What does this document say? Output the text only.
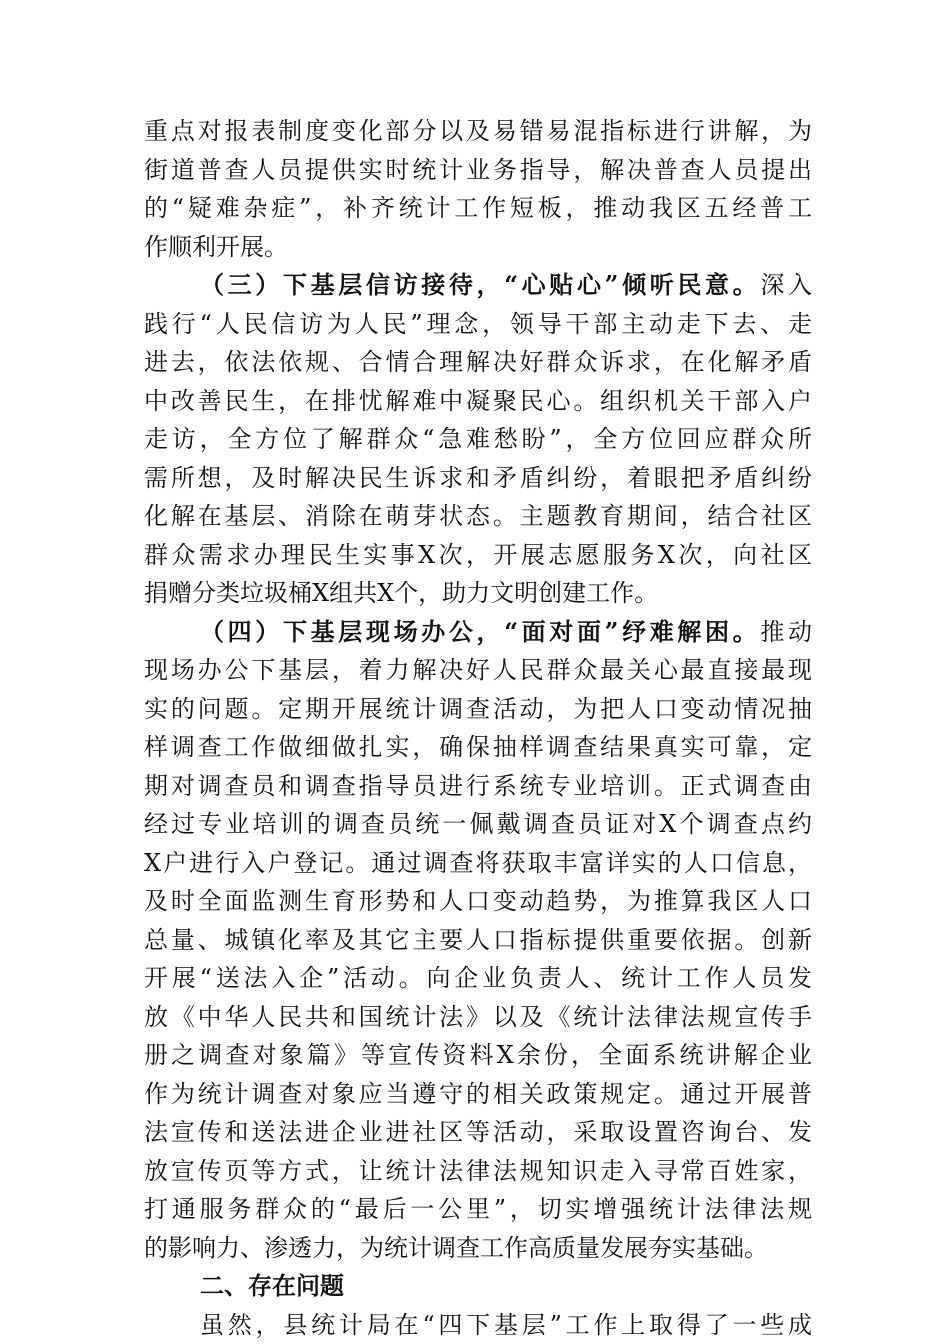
重点对报表制度变化部分以及易错易混指标进行讲解，为
街道普查人员提供实时统计业务指导，解决普查人员提出
的“疑难杂症”，补齐统计工作短板，推动我区五经普工
作顺利开展。
（三）下基层信访接待，“心贴心”倾听民意。深入
践行“人民信访为人民”理念，领导干部主动走下去、走
进去，依法依规、合情合理解决好群众诉求，在化解矛盾
中改善民生，在排忧解难中凝聚民心。组织机关干部入户
走访，全方位了解群众“急难愁盼”，全方位回应群众所
需所想，及时解决民生诉求和矛盾纠纷，着眼把矛盾纠纷
化解在基层、消除在萌芽状态。主题教育期间，结合社区
群众需求办理民生实事X次，开展志愿服务X次，向社区
捐赠分类垃圾桶X组共X个，助力文明创建工作。
（四）下基层现场办公，“面对面”纾难解困。推动
现场办公下基层，着力解决好人民群众最关心最直接最现
实的问题。定期开展统计调查活动，为把人口变动情况抽
样调查工作做细做扎实，确保抽样调查结果真实可靠，定
期对调查员和调查指导员进行系统专业培训。正式调查由
经过专业培训的调查员统一佩戴调查员证对X个调查点约
X户进行入户登记。通过调查将获取丰富详实的人口信息，
及时全面监测生育形势和人口变动趋势，为推算我区人口
总量、城镇化率及其它主要人口指标提供重要依据。创新
开展“送法入企”活动。向企业负责人、统计工作人员发
放《中华人民共和国统计法》以及《统计法律法规宣传手
册之调查对象篇》等宣传资料X余份，全面系统讲解企业
作为统计调查对象应当遵守的相关政策规定。通过开展普
法宣传和送法进企业进社区等活动，采取设置咨询台、发
放宣传页等方式，让统计法律法规知识走入寻常百姓家，
打通服务群众的“最后一公里”，切实增强统计法律法规
的影响力、渗透力，为统计调查工作高质量发展夯实基础。
二、存在问题
虽然，县统计局在“四下基层”工作上取得了一些成
